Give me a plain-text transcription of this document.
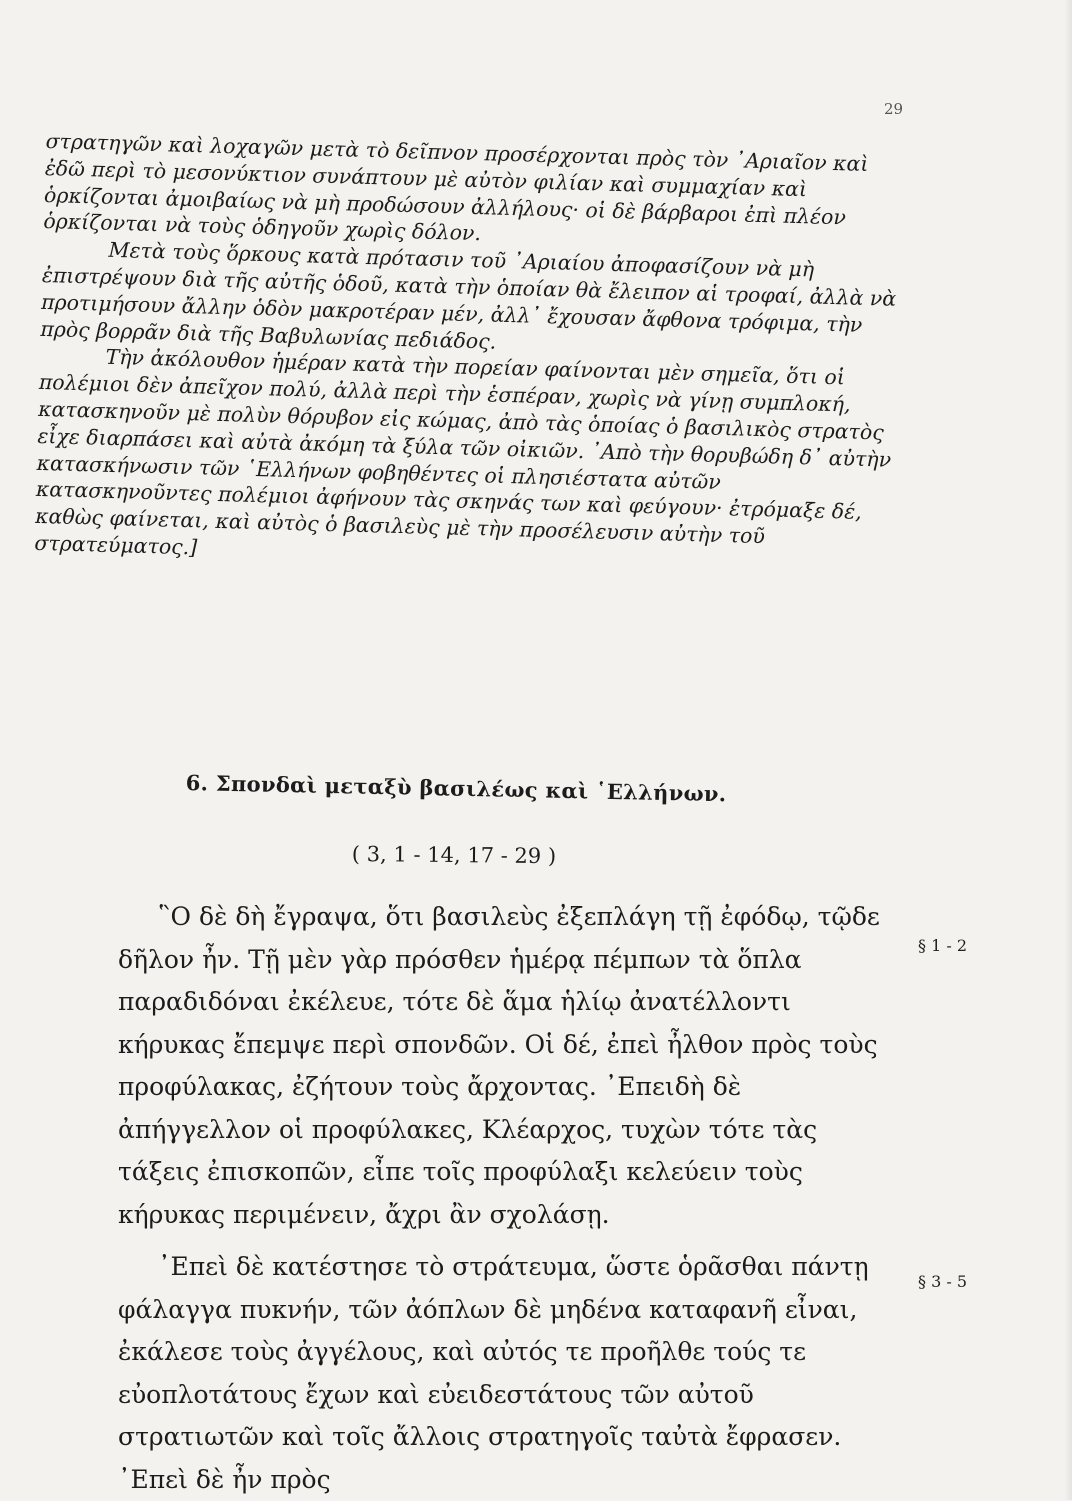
29

στρατηγῶν καὶ λοχαγῶν μετὰ τὸ δεῖπνον προσέρχονται πρὸς τὸν ᾿Αριαῖον καὶ ἐδῶ περὶ τὸ μεσονύκτιον συνάπτουν μὲ αὐτὸν φιλίαν καὶ συμμαχίαν καὶ ὁρκίζονται ἀμοιβαίως νὰ μὴ προδώσουν ἀλλήλους· οἱ δὲ βάρβαροι ἐπὶ πλέον ὁρκίζονται νὰ τοὺς ὁδηγοῦν χωρὶς δόλον.

Μετὰ τοὺς ὅρκους κατὰ πρότασιν τοῦ ᾿Αριαίου ἀποφασίζουν νὰ μὴ ἐπιστρέψουν διὰ τῆς αὐτῆς ὁδοῦ, κατὰ τὴν ὁποίαν θὰ ἔλειπον αἱ τροφαί, ἀλλὰ νὰ προτιμήσουν ἄλλην ὁδὸν μακροτέραν μέν, ἀλλ᾿ ἔχουσαν ἄφθονα τρόφιμα, τὴν πρὸς βορρᾶν διὰ τῆς Βαβυλωνίας πεδιάδος.

Τὴν ἀκόλουθον ἡμέραν κατὰ τὴν πορείαν φαίνονται μὲν σημεῖα, ὅτι οἱ πολέμιοι δὲν ἀπεῖχον πολύ, ἀλλὰ περὶ τὴν ἑσπέραν, χωρὶς νὰ γίνῃ συμπλοκή, κατασκηνοῦν μὲ πολὺν θόρυβον εἰς κώμας, ἀπὸ τὰς ὁποίας ὁ βασιλικὸς στρατὸς εἶχε διαρπάσει καὶ αὐτὰ ἀκόμη τὰ ξύλα τῶν οἰκιῶν. ᾿Απὸ τὴν θορυβώδη δ᾿ αὐτὴν κατασκήνωσιν τῶν ῾Ελλήνων φοβηθέντες οἱ πλησιέστατα αὐτῶν κατασκηνοῦντες πολέμιοι ἀφήνουν τὰς σκηνάς των καὶ φεύγουν· ἐτρόμαξε δέ, καθὼς φαίνεται, καὶ αὐτὸς ὁ βασιλεὺς μὲ τὴν προσέλευσιν αὐτὴν τοῦ στρατεύματος.]

6. Σπονδαὶ μεταξὺ βασιλέως καὶ ῾Ελλήνων.
( 3, 1 - 14, 17 - 29 )

῝Ο δὲ δὴ ἔγραψα, ὅτι βασιλεὺς ἐξεπλάγη τῇ ἐφόδῳ, τῷδε δῆλον ἦν. Τῇ μὲν γὰρ πρόσθεν ἡμέρᾳ πέμπων τὰ ὅπλα παραδιδόναι ἐκέλευε, τότε δὲ ἅμα ἡλίῳ ἀνατέλλοντι κήρυκας ἔπεμψε περὶ σπονδῶν. Οἱ δέ, ἐπεὶ ἦλθον πρὸς τοὺς προφύλακας, ἐζήτουν τοὺς ἄρχοντας. ᾿Επειδὴ δὲ ἀπήγγελλον οἱ προφύλακες, Κλέαρχος, τυχὼν τότε τὰς τάξεις ἐπισκοπῶν, εἶπε τοῖς προφύλαξι κελεύειν τοὺς κήρυκας περιμένειν, ἄχρι ἂν σχολάσῃ.

᾿Επεὶ δὲ κατέστησε τὸ στράτευμα, ὥστε ὁρᾶσθαι πάντῃ φάλαγγα πυκνήν, τῶν ἀόπλων δὲ μηδένα καταφανῆ εἶναι, ἐκάλεσε τοὺς ἀγγέλους, καὶ αὐτός τε προῆλθε τούς τε εὐοπλοτάτους ἔχων καὶ εὐειδεστάτους τῶν αὐτοῦ στρατιωτῶν καὶ τοῖς ἄλλοις στρατηγοῖς ταὐτὰ ἔφρασεν. ᾿Επεὶ δὲ ἦν πρὸς

§ 1 - 2
§ 3 - 5
